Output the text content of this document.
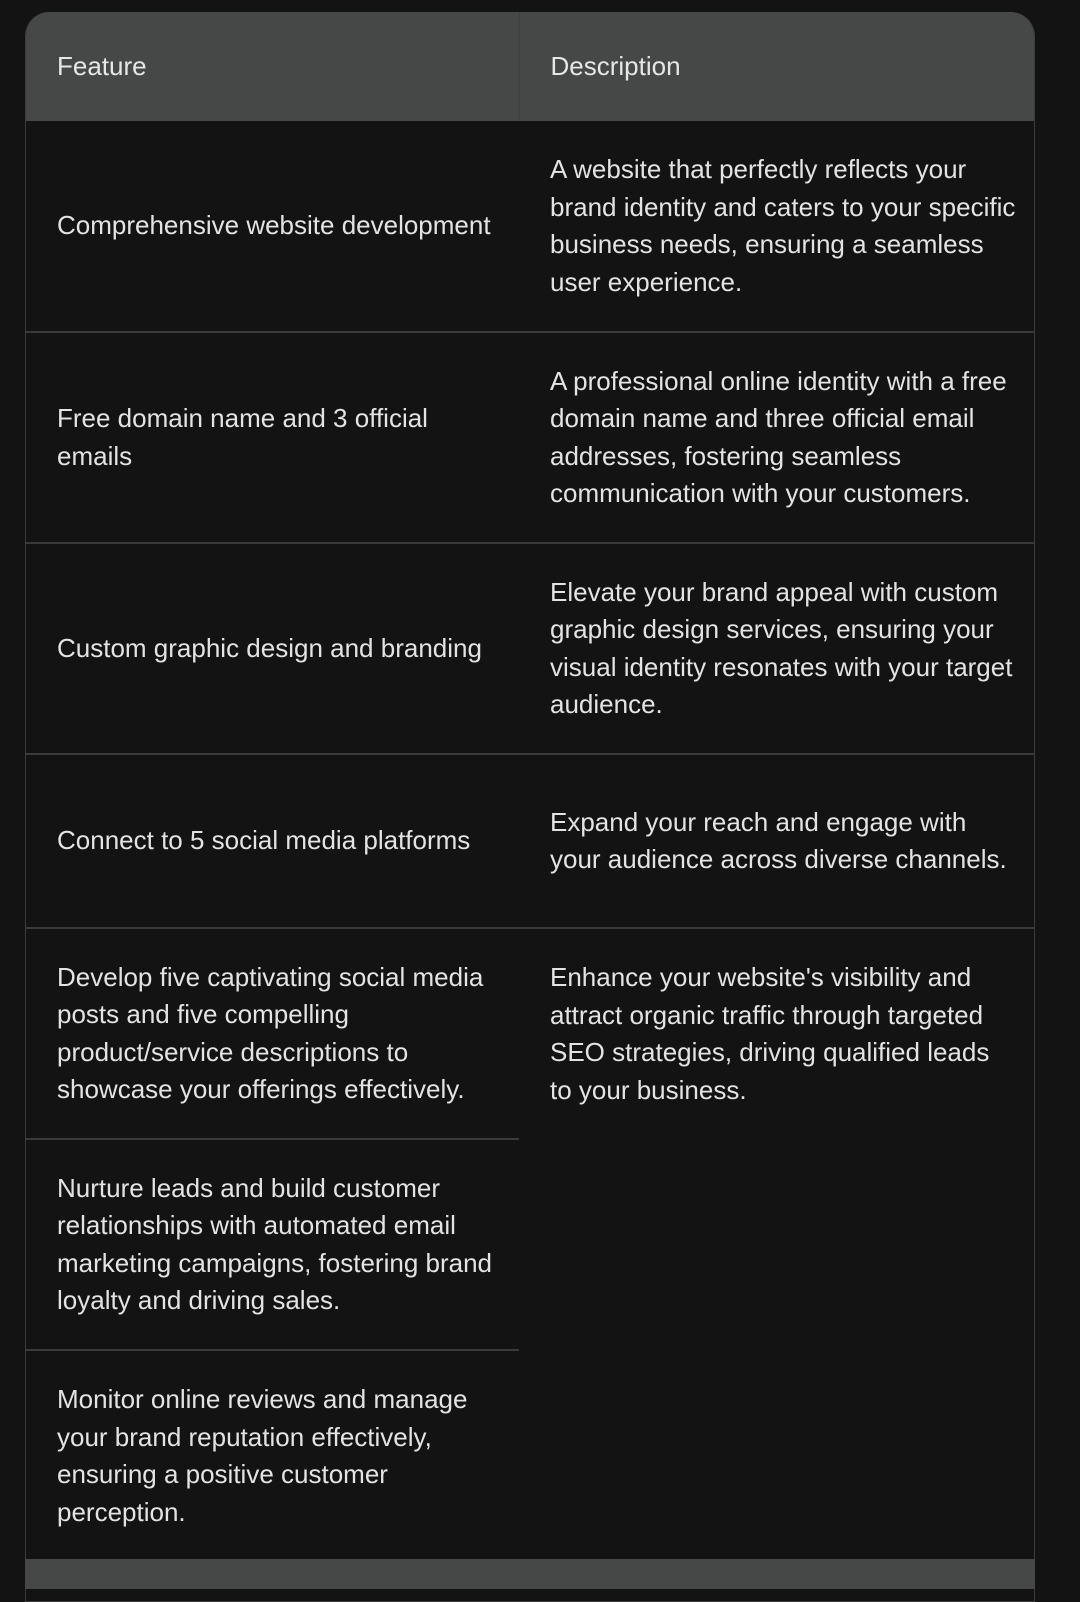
Feature	Description
Comprehensive website development	A website that perfectly reflects your brand identity and caters to your specific business needs, ensuring a seamless user experience.
Free domain name and 3 official emails	A professional online identity with a free domain name and three official email addresses, fostering seamless communication with your customers.
Custom graphic design and branding	Elevate your brand appeal with custom graphic design services, ensuring your visual identity resonates with your target audience.
Connect to 5 social media platforms	Expand your reach and engage with your audience across diverse channels.
Develop five captivating social media posts and five compelling product/service descriptions to showcase your offerings effectively.	Enhance your website's visibility and attract organic traffic through targeted SEO strategies, driving qualified leads to your business.
Nurture leads and build customer relationships with automated email marketing campaigns, fostering brand loyalty and driving sales.	
Monitor online reviews and manage your brand reputation effectively, ensuring a positive customer perception.	
